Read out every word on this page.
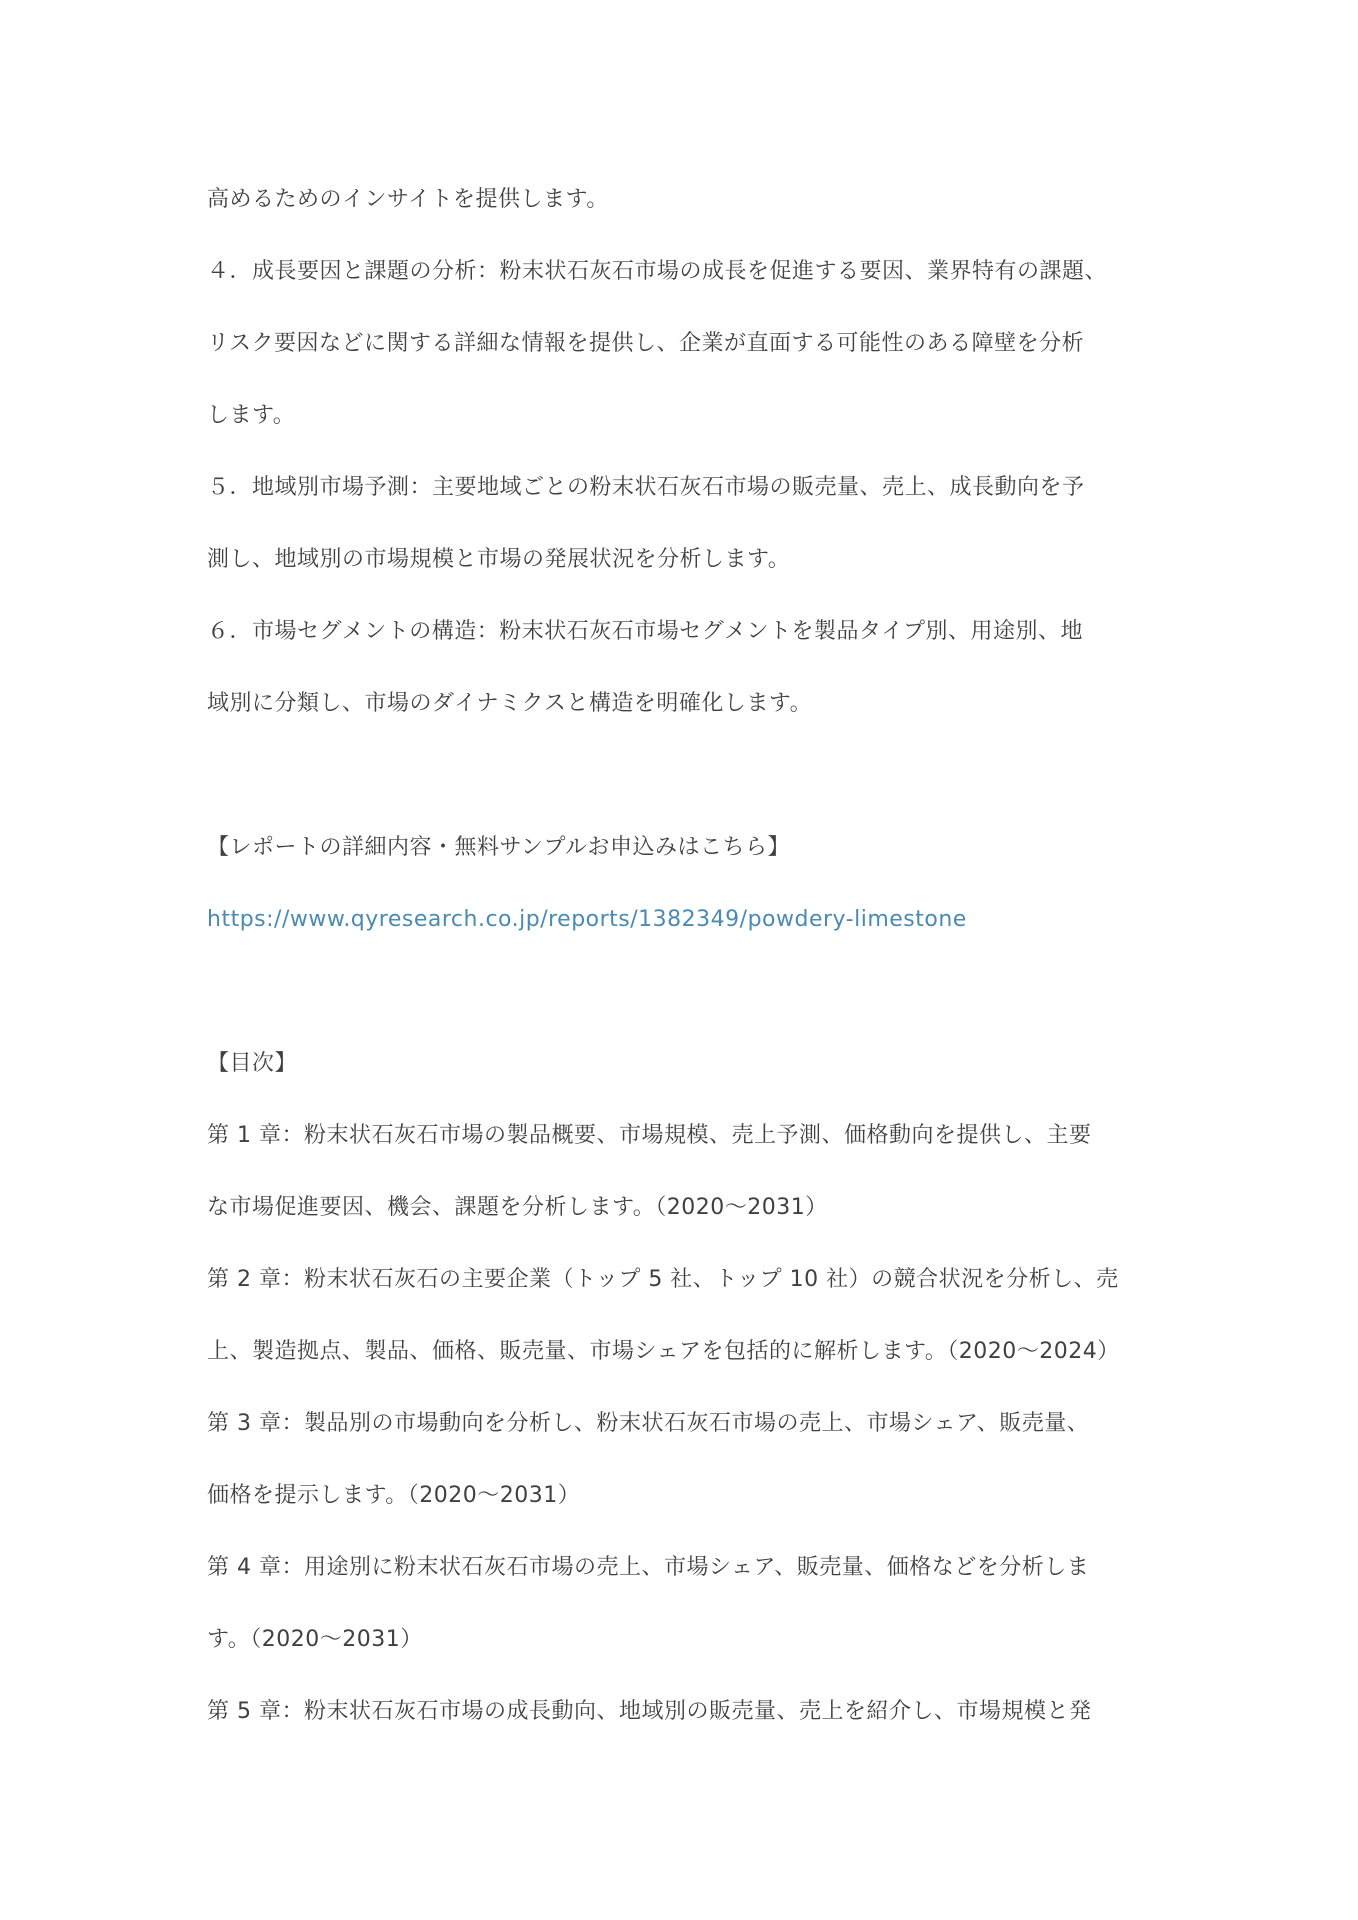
高めるためのインサイトを提供します。
４．成長要因と課題の分析：粉末状石灰石市場の成長を促進する要因、業界特有の課題、
リスク要因などに関する詳細な情報を提供し、企業が直面する可能性のある障壁を分析
します。
５．地域別市場予測：主要地域ごとの粉末状石灰石市場の販売量、売上、成長動向を予
測し、地域別の市場規模と市場の発展状況を分析します。
６．市場セグメントの構造：粉末状石灰石市場セグメントを製品タイプ別、用途別、地
域別に分類し、市場のダイナミクスと構造を明確化します。
【レポートの詳細内容・無料サンプルお申込みはこちら】
https://www.qyresearch.co.jp/reports/1382349/powdery-limestone
【目次】
第 1 章：粉末状石灰石市場の製品概要、市場規模、売上予測、価格動向を提供し、主要
な市場促進要因、機会、課題を分析します。（2020～2031）
第 2 章：粉末状石灰石の主要企業（トップ 5 社、トップ 10 社）の競合状況を分析し、売
上、製造拠点、製品、価格、販売量、市場シェアを包括的に解析します。（2020～2024）
第 3 章：製品別の市場動向を分析し、粉末状石灰石市場の売上、市場シェア、販売量、
価格を提示します。（2020～2031）
第 4 章：用途別に粉末状石灰石市場の売上、市場シェア、販売量、価格などを分析しま
す。（2020～2031）
第 5 章：粉末状石灰石市場の成長動向、地域別の販売量、売上を紹介し、市場規模と発
